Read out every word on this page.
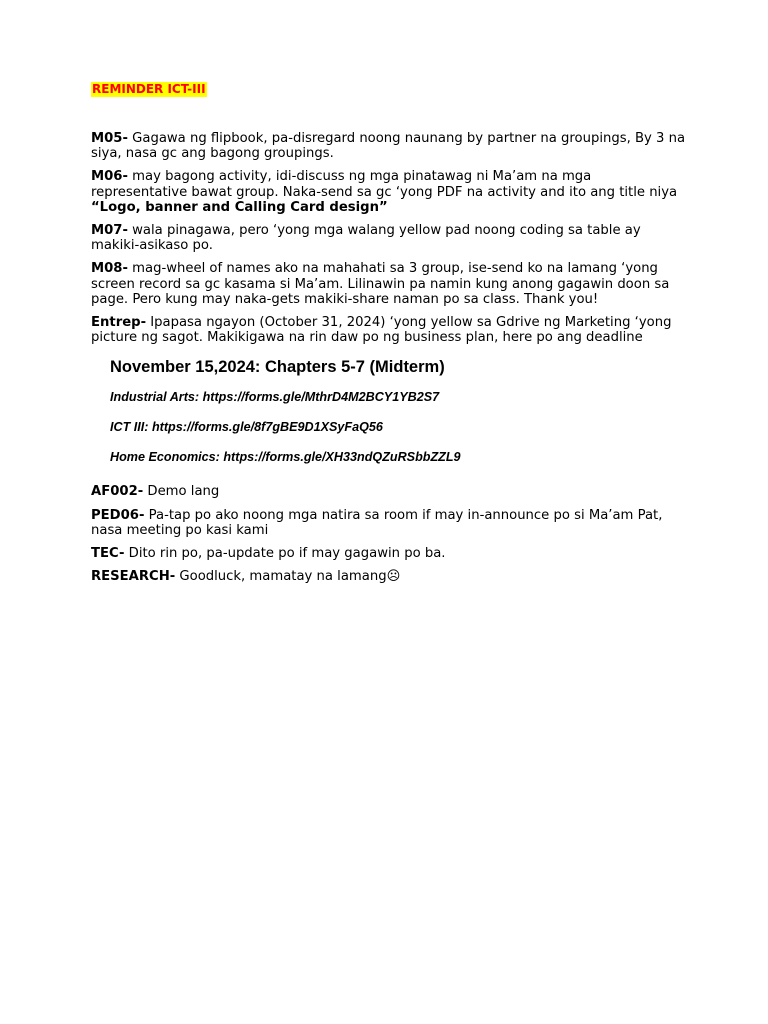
REMINDER ICT-III

M05- Gagawa ng flipbook, pa-disregard noong naunang by partner na groupings, By 3 na siya, nasa gc ang bagong groupings.

M06- may bagong activity, idi-discuss ng mga pinatawag ni Ma’am na mga representative bawat group. Naka-send sa gc ‘yong PDF na activity and ito ang title niya “Logo, banner and Calling Card design”

M07- wala pinagawa, pero ‘yong mga walang yellow pad noong coding sa table ay makiki-asikaso po.

M08- mag-wheel of names ako na mahahati sa 3 group, ise-send ko na lamang ‘yong screen record sa gc kasama si Ma’am. Lilinawin pa namin kung anong gagawin doon sa page. Pero kung may naka-gets makiki-share naman po sa class. Thank you!

Entrep- Ipapasa ngayon (October 31, 2024) ‘yong yellow sa Gdrive ng Marketing ‘yong picture ng sagot. Makikigawa na rin daw po ng business plan, here po ang deadline

November 15,2024: Chapters 5-7 (Midterm)

Industrial Arts: https://forms.gle/MthrD4M2BCY1YB2S7

ICT III: https://forms.gle/8f7gBE9D1XSyFaQ56

Home Economics: https://forms.gle/XH33ndQZuRSbbZZL9

AF002- Demo lang

PED06- Pa-tap po ako noong mga natira sa room if may in-announce po si Ma’am Pat, nasa meeting po kasi kami

TEC- Dito rin po, pa-update po if may gagawin po ba.

RESEARCH- Goodluck, mamatay na lamang☹
